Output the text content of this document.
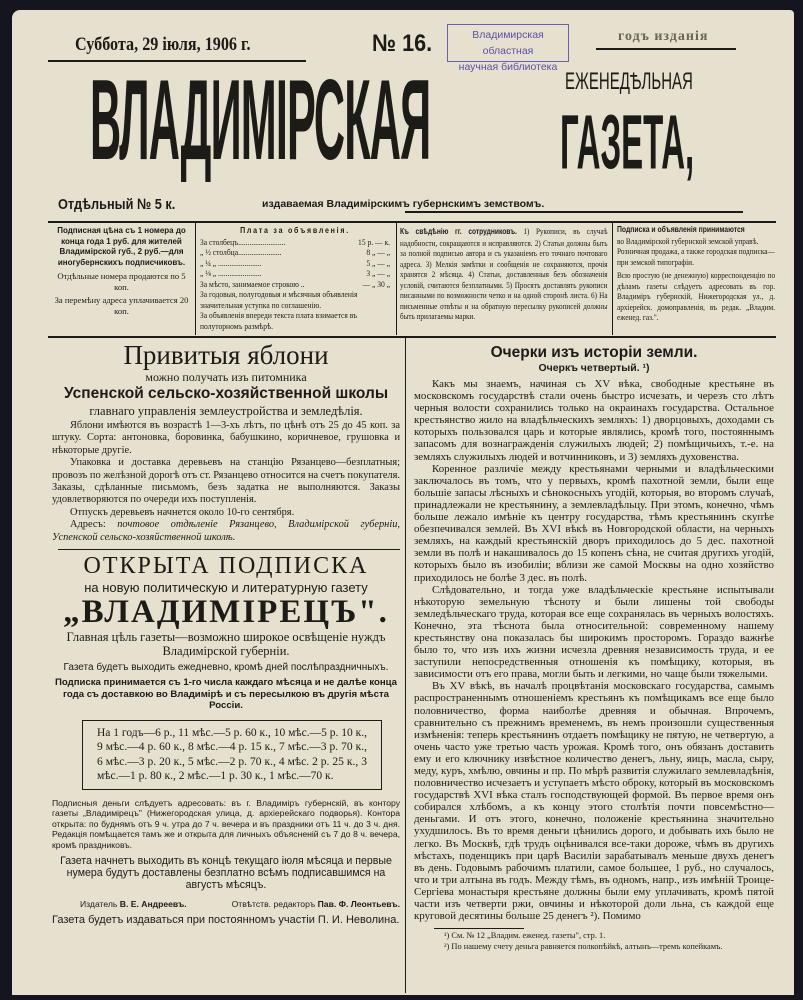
Суббота, 29 іюля, 1906 г.	№ 16.	Владимирская областная
научная библиотека
годъ изданія
ВЛАДИМІРСКАЯ	ЕЖЕНЕДѢЛЬНАЯ
ГАЗЕТА,
Отдѣльный № 5 к.	издаваемая Владимірскимъ губернскимъ земствомъ.
Подписная цѣна съ 1 номера до конца года 1 руб. для жителей Владимірской губ., 2 руб.—для иногубернскихъ подписчиковъ.
Отдѣльные номера продаются по 5 коп.
За перемѣну адреса уплачивается 20 коп.
Плата за объявленія.
За столбецъ.........................	15 р. — к.
„ ½ столбца.......................	8 „ — „
„ ¼ „ .......................	5 „ — „
„ ⅛ „ .......................	3 „ — „
За мѣсто, занимаемое строкою ..	— „ 30 „
За годовыя, полугодовыя и мѣсячныя объявленія значительная уступка по соглашенію.
За объявленія впереди текста плата взимается въ полуторномъ размѣрѣ.
Къ свѣдѣнію гг. сотрудниковъ. 1) Рукописи, въ случаѣ надобности, сокращаются и исправляются. 2) Статьи должны быть за полной подписью автора и съ указаніемъ его точнаго почтоваго адреса. 3) Мелкія замѣтки и сообщенія не сохраняются, прочія хранятся 2 мѣсяца. 4) Статьи, доставленныя безъ обозначенія условій, считаются безплатными. 5) Просятъ доставлять рукописи писанными по возможности четко и на одной сторонѣ листа. 6) На письменные отвѣты и на обратную пересылку рукописей должны быть прилагаемы марки.
Подписка и объявленія принимаются
во Владимірской губернской земской управѣ. Розничная продажа, а также городская подписка—при земской типографіи.
Всю простую (не денежную) корреспонденцію по дѣламъ газеты слѣдуетъ адресовать въ гор. Владиміръ губернскій, Нижегородская ул., д. архіерейск. домоправленія, въ редак. „Владим. еженед. газ.".
Привитыя яблони
можно получать изъ питомника
Успенской сельско-хозяйственной школы
главнаго управленія землеустройства и земледѣлія.

Яблони имѣются въ возрастѣ 1—3-хъ лѣтъ, по цѣнѣ отъ 25 до 45 коп. за штуку. Сорта: антоновка, боровинка, бабушкино, коричневое, грушовка и нѣкоторые другіе.

Упаковка и доставка деревьевъ на станцію Рязанцево—безплатныя; провозъ по желѣзной дорогѣ отъ ст. Рязанцево относится на счетъ покупателя. Заказы, сдѣланные письмомъ, безъ задатка не выполняются. Заказы удовлетворяются по очереди ихъ поступленія.

Отпускъ деревьевъ начнется около 10-го сентября.

Адресъ: почтовое отдѣленіе Рязанцево, Владимірской губерніи, Успенской сельско-хозяйственной школѣ.

ОТКРЫТА ПОДПИСКА
на новую политическую и литературную газету
„ВЛАДИМІРЕЦЪ".
Главная цѣль газеты—возможно широкое освѣщеніе нуждъ Владимірской губерніи.
Газета будетъ выходить ежедневно, кромѣ дней послѣпраздничныхъ.
Подписка принимается съ 1-го числа каждаго мѣсяца и не далѣе конца года съ доставкою во Владимірѣ и съ пересылкою въ другія мѣста Россіи.
На 1 годъ—6 р., 11 мѣс.—5 р. 60 к., 10 мѣс.—5 р. 10 к., 9 мѣс.—4 р. 60 к., 8 мѣс.—4 р. 15 к., 7 мѣс.—3 р. 70 к., 6 мѣс.—3 р. 20 к., 5 мѣс.—2 р. 70 к., 4 мѣс. 2 р. 25 к., 3 мѣс.—1 р. 80 к., 2 мѣс.—1 р. 30 к., 1 мѣс.—70 к.
Подписныя деньги слѣдуетъ адресовать: въ г. Владиміръ губернскій, въ контору газеты „Владимірецъ" (Нижегородская улица, д. архіерейскаго подворья). Контора открыта: по буднямъ отъ 9 ч. утра до 7 ч. вечера и въ праздники отъ 11 ч. до 3 ч. дня. Редакція помѣщается тамъ же и открыта для личныхъ объясненій съ 7 до 8 ч. вечера, кромѣ праздниковъ.
Газета начнетъ выходить въ концѣ текущаго іюля мѣсяца и первые нумера будутъ доставлены безплатно всѣмъ подписавшимся на августъ мѣсяцъ.
Издатель В. Е. Андреевъ.	Отвѣтств. редакторъ Пав. Ф. Леонтьевъ.
Газета будетъ издаваться при постоянномъ участіи П. И. Неволина.
Очерки изъ исторіи земли.
Очеркъ четвертый. ¹)

Какъ мы знаемъ, начиная съ XV вѣка, свободные крестьяне въ московскомъ государствѣ стали очень быстро исчезать, и черезъ сто лѣтъ черныя волости сохранились только на окраинахъ государства. Остальное крестьянство жило на владѣльческихъ земляхъ: 1) дворцовыхъ, доходами съ которыхъ пользовался царь и которые являлись, кромѣ того, постояннымъ запасомъ для вознагражденія служилыхъ людей; 2) помѣщичьихъ, т.-е. на земляхъ служилыхъ людей и вотчинниковъ, и 3) земляхъ духовенства.

Коренное различіе между крестьянами черными и владѣльческими заключалось въ томъ, что у первыхъ, кромѣ пахотной земли, были еще большіе запасы лѣсныхъ и сѣнокосныхъ угодій, которыя, во второмъ случаѣ, принадлежали не крестьянину, а землевладѣльцу. При этомъ, конечно, чѣмъ больше лежало имѣніе къ центру государства, тѣмъ крестьянинъ скупѣе обезпечивался землей. Въ XVI вѣкѣ въ Новгородской области, на черныхъ земляхъ, на каждый крестьянскій дворъ приходилось до 5 дес. пахотной земли въ полѣ и накашивалось до 15 копенъ сѣна, не считая другихъ угодій, которыхъ было въ изобиліи; вблизи же самой Москвы на одно хозяйство приходилось не болѣе 3 дес. въ полѣ.

Слѣдовательно, и тогда уже владѣльческіе крестьяне испытывали нѣкоторую земельную тѣсноту и были лишены той свободы земледѣльческаго труда, которая все еще сохранялась въ черныхъ волостяхъ. Конечно, эта тѣснота была относительной: современному нашему крестьянству она показалась бы широкимъ просторомъ. Гораздо важнѣе было то, что изъ ихъ жизни исчезла древняя независимость труда, и ее заступили непосредственныя отношенія къ помѣщику, которыя, въ зависимости отъ его права, могли быть и легкими, но чаще были тяжелыми.

Въ XV вѣкѣ, въ началѣ процвѣтанія московскаго государства, самымъ распространеннымъ отношеніемъ крестьянъ къ помѣщикамъ все еще было половничество, форма наиболѣе древняя и обычная. Впрочемъ, сравнительно съ прежнимъ временемъ, въ немъ произошли существенныя измѣненія: теперь крестьянинъ отдаетъ помѣщику не пятую, не четвертую, а очень часто уже третью часть урожая. Кромѣ того, онъ обязанъ доставить ему и его ключнику извѣстное количество денегъ, льну, яицъ, масла, сыру, меду, куръ, хмѣлю, овчины и пр. По мѣрѣ развитія служилаго землевладѣнія, половничество исчезаетъ и уступаетъ мѣсто оброку, который въ московскомъ государствѣ XVI вѣка сталъ господствующей формой. Въ первое время онъ собирался хлѣбомъ, а къ концу этого столѣтія почти повсемѣстно—деньгами. И отъ этого, конечно, положеніе крестьянина значительно ухудшилось. Въ то время деньги цѣнились дорого, и добывать ихъ было не легко. Въ Москвѣ, гдѣ трудъ оцѣнивался все-таки дороже, чѣмъ въ другихъ мѣстахъ, поденщикъ при царѣ Василіи зарабатывалъ меньше двухъ денегъ въ день. Годовымъ рабочимъ платили, самое большее, 1 руб., но случалось, что и три алтына въ годъ. Между тѣмъ, въ одномъ, напр., изъ имѣній Троице-Сергіева монастыря крестьяне должны были ему уплачивать, кромѣ пятой части изъ четверти ржи, овчины и нѣкоторой доли льна, съ каждой еще круговой десятины больше 25 денегъ ²). Помимо

¹) См. № 12 „Владим. еженед. газеты", стр. 1.
²) По нашему счету деньга равняется полкопѣйкѣ, алтынъ—тремъ копейкамъ.
